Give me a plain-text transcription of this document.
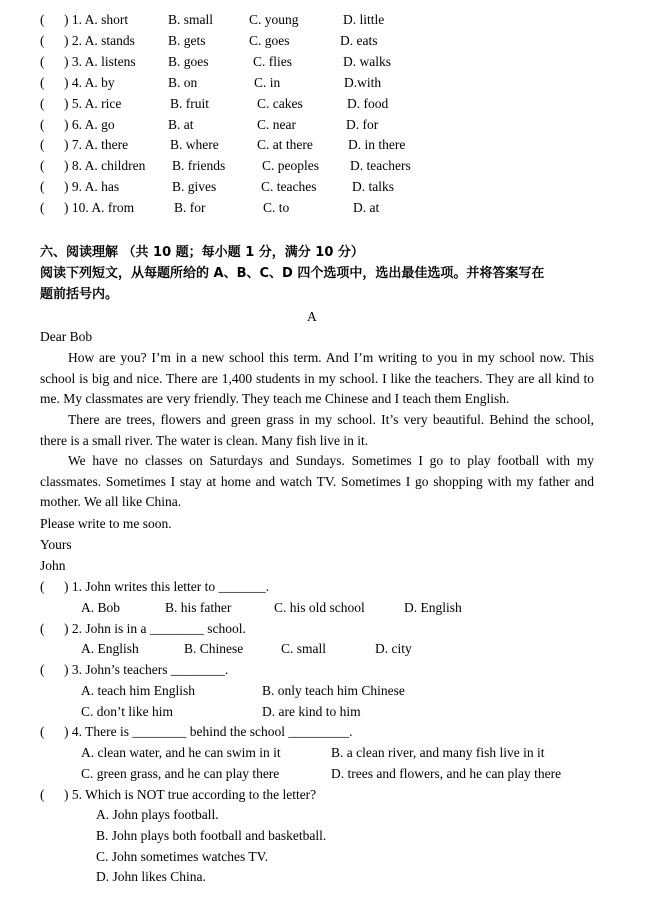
( ) 1. A. short	B. small	C. young	D. little
( ) 2. A. stands B. gets	C. goes	D. eats
( ) 3. A. listens B. goes	C. flies	D. walks
( ) 4. A. by	B. on	C. in	D.with
( ) 5. A. rice	B. fruit	C. cakes	D. food
( ) 6. A. go	B. at	C. near	D. for
( ) 7. A. there	B. where	C. at there	D. in there
( ) 8. A. children B. friends	C. peoples D. teachers
( ) 9. A. has	B. gives	C. teaches	D. talks
( ) 10. A. from	B. for	C. to	D. at
六、阅读理解 （共 10 题；每小题 1 分，满分 10 分）
阅读下列短文，从每题所给的 A、B、C、D 四个选项中，选出最佳选项。并将答案写在
题前括号内。
A
Dear Bob
How are you? I’m in a new school this term. And I’m writing to you in my school now. This school is big and nice. There are 1,400 students in my school. I like the teachers. They are all kind to me. My classmates are very friendly. They teach me Chinese and I teach them English.
There are trees, flowers and green grass in my school. It’s very beautiful. Behind the school, there is a small river. The water is clean. Many fish live in it.
We have no classes on Saturdays and Sundays. Sometimes I go to play football with my classmates. Sometimes I stay at home and watch TV. Sometimes I go shopping with my father and mother. We all like China.
Please write to me soon.
Yours
John
( ) 1. John writes this letter to _______.
A. Bob	B. his father	C. his old school	D. English
( ) 2. John is in a ________ school.
A. English	B. Chinese	C. small	D. city
( ) 3. John’s teachers ________.
A. teach him English	B. only teach him Chinese
C. don’t like him	D. are kind to him
( ) 4. There is ________ behind the school _________.
A. clean water, and he can swim in it	B. a clean river, and many fish live in it
C. green grass, and he can play there	D. trees and flowers, and he can play there
( ) 5. Which is NOT true according to the letter?
A. John plays football.
B. John plays both football and basketball.
C. John sometimes watches TV.
D. John likes China.
